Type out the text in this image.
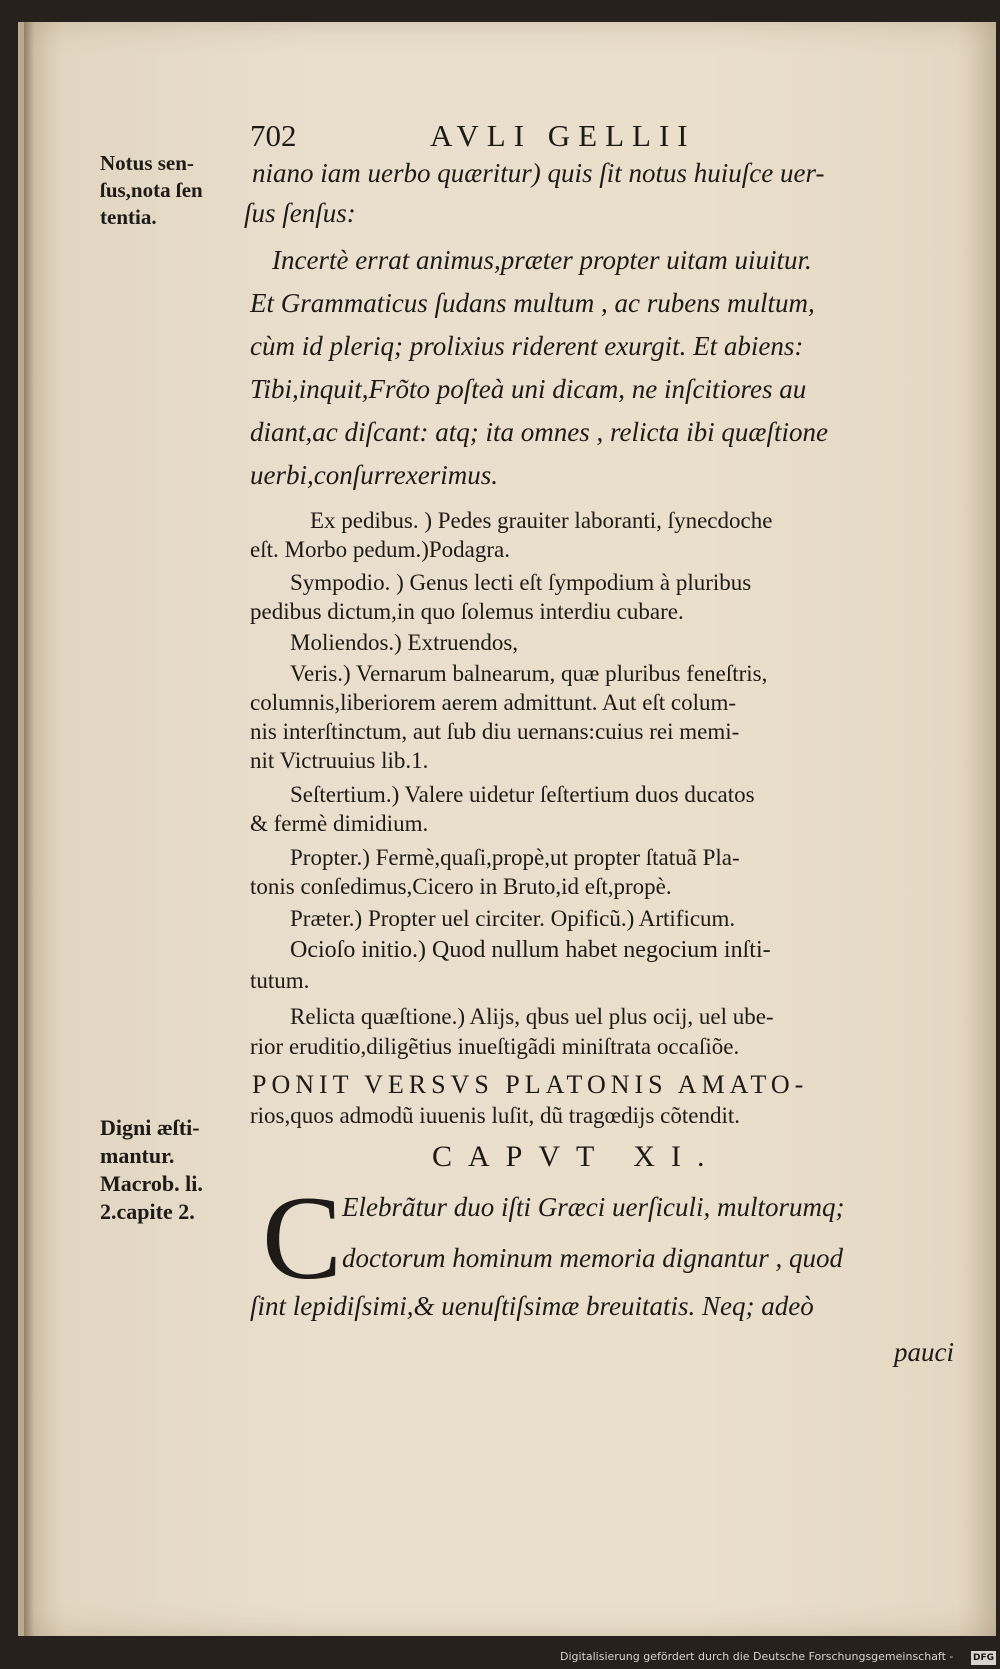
702	AVLI GELLII
Notus sen-
ſus,nota ſen
tentia.
Digni æſti-
mantur.
Macrob. li.
2.capite 2.
niano iam uerbo quæritur) quis ſit notus huiuſce uer-
ſus ſenſus:
Incertè errat animus,præter propter uitam uiuitur.
Et Grammaticus ſudans multum , ac rubens multum,
cùm id pleriq; prolixius riderent exurgit. Et abiens:
Tibi,inquit,Frõto poſteà uni dicam, ne inſcitiores au
diant,ac diſcant: atq; ita omnes , relicta ibi quæſtione
uerbi,conſurrexerimus.
Ex pedibus. ) Pedes grauiter laboranti, ſynecdoche
eſt. Morbo pedum.)Podagra.
Sympodio. ) Genus lecti eſt ſympodium à pluribus
pedibus dictum,in quo ſolemus interdiu cubare.
Moliendos.) Extruendos,
Veris.) Vernarum balnearum, quæ pluribus feneſtris,
columnis,liberiorem aerem admittunt. Aut eſt colum-
nis interſtinctum, aut ſub diu uernans:cuius rei memi-
nit Victruuius lib.1.
Seſtertium.) Valere uidetur ſeſtertium duos ducatos
& fermè dimidium.
Propter.) Fermè,quaſi,propè,ut propter ſtatuã Pla-
tonis conſedimus,Cicero in Bruto,id eſt,propè.
Præter.) Propter uel circiter. Opificũ.) Artificum.
Ocioſo initio.) Quod nullum habet negocium inſti-
tutum.
Relicta quæſtione.) Alijs, qbus uel plus ocij, uel ube-
rior eruditio,diligẽtius inueſtigãdi miniſtrata occaſiõe.
PONIT VERSVS PLATONIS AMATO-
rios,quos admodũ iuuenis luſit, dũ tragœdijs cõtendit.
CAPVT XI.
Elebrãtur duo iſti Græci uerſiculi, multorumq;
doctorum hominum memoria dignantur , quod
ſint lepidiſsimi,& uenuſtiſsimæ breuitatis. Neq; adeò
pauci
C
Digitalisierung gefördert durch die Deutsche Forschungsgemeinschaft -	DFG
